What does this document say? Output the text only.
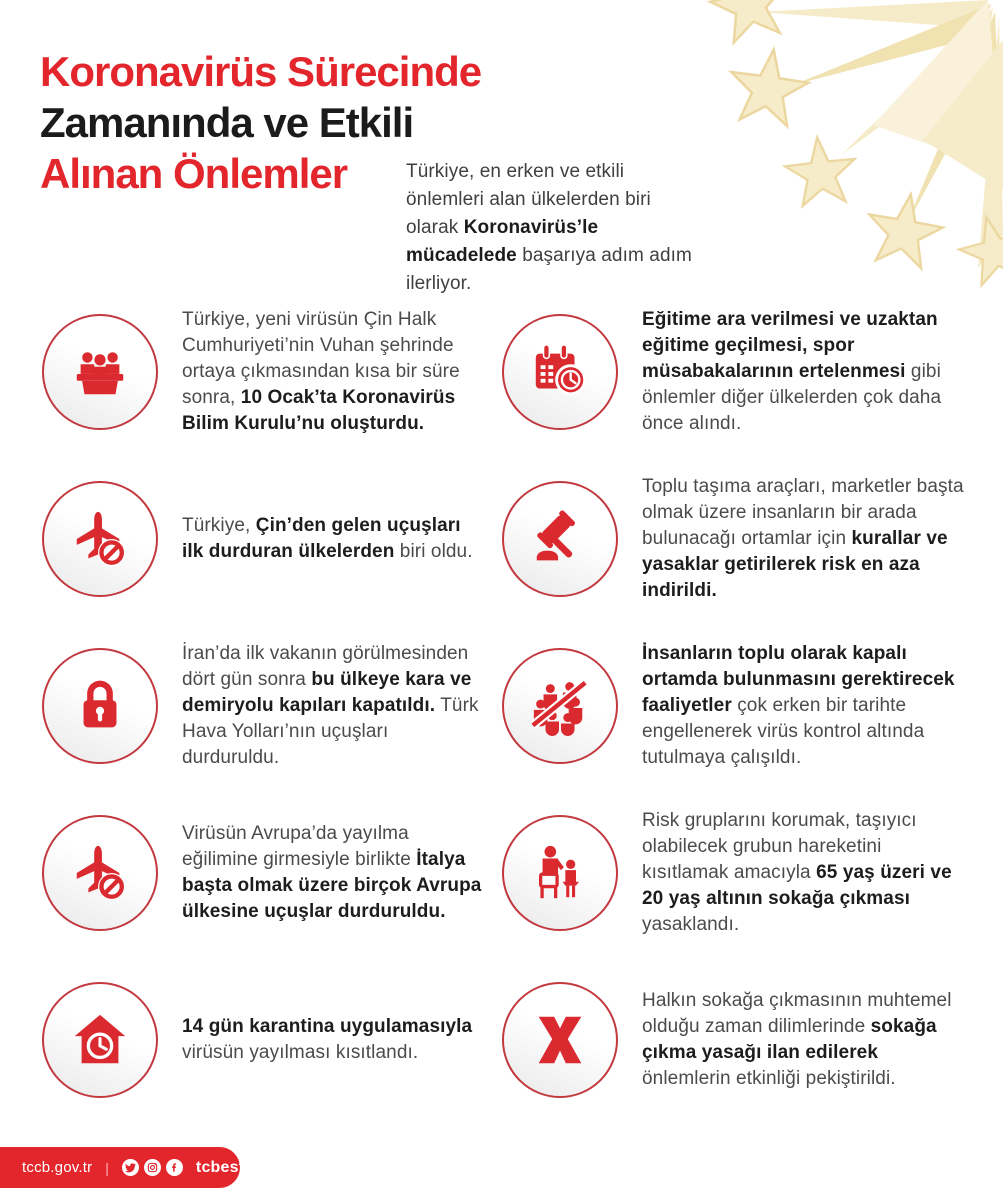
Koronavirüs Sürecinde
Zamanında ve Etkili
Alınan Önlemler	Türkiye, en erken ve etkili önlemleri alan ülkelerden biri olarak Koronavirüs’le mücadelede başarıya adım adım ilerliyor.
Türkiye, yeni virüsün Çin Halk Cumhuriyeti’nin Vuhan şehrinde ortaya çıkmasından kısa bir süre sonra, 10 Ocak’ta Koronavirüs Bilim Kurulu’nu oluşturdu.
Eğitime ara verilmesi ve uzaktan eğitime geçilmesi, spor müsabakalarının ertelenmesi gibi önlemler diğer ülkelerden çok daha önce alındı.
Türkiye, Çin’den gelen uçuşları ilk durduran ülkelerden biri oldu.
Toplu taşıma araçları, marketler başta olmak üzere insanların bir arada bulunacağı ortamlar için kurallar ve yasaklar getirilerek risk en aza indirildi.
İran’da ilk vakanın görülmesinden dört gün sonra bu ülkeye kara ve demiryolu kapıları kapatıldı. Türk Hava Yolları’nın uçuşları durduruldu.
İnsanların toplu olarak kapalı ortamda bulunmasını gerektirecek faaliyetler çok erken bir tarihte engellenerek virüs kontrol altında tutulmaya çalışıldı.
Virüsün Avrupa’da yayılma eğilimine girmesiyle birlikte İtalya başta olmak üzere birçok Avrupa ülkesine uçuşlar durduruldu.
Risk gruplarını korumak, taşıyıcı olabilecek grubun hareketini kısıtlamak amacıyla 65 yaş üzeri ve 20 yaş altının sokağa çıkması yasaklandı.
14 gün karantina uygulamasıyla virüsün yayılması kısıtlandı.
Halkın sokağa çıkmasının muhtemel olduğu zaman dilimlerinde sokağa çıkma yasağı ilan edilerek önlemlerin etkinliği pekiştirildi.
tccb.gov.tr |	tcbestepe
